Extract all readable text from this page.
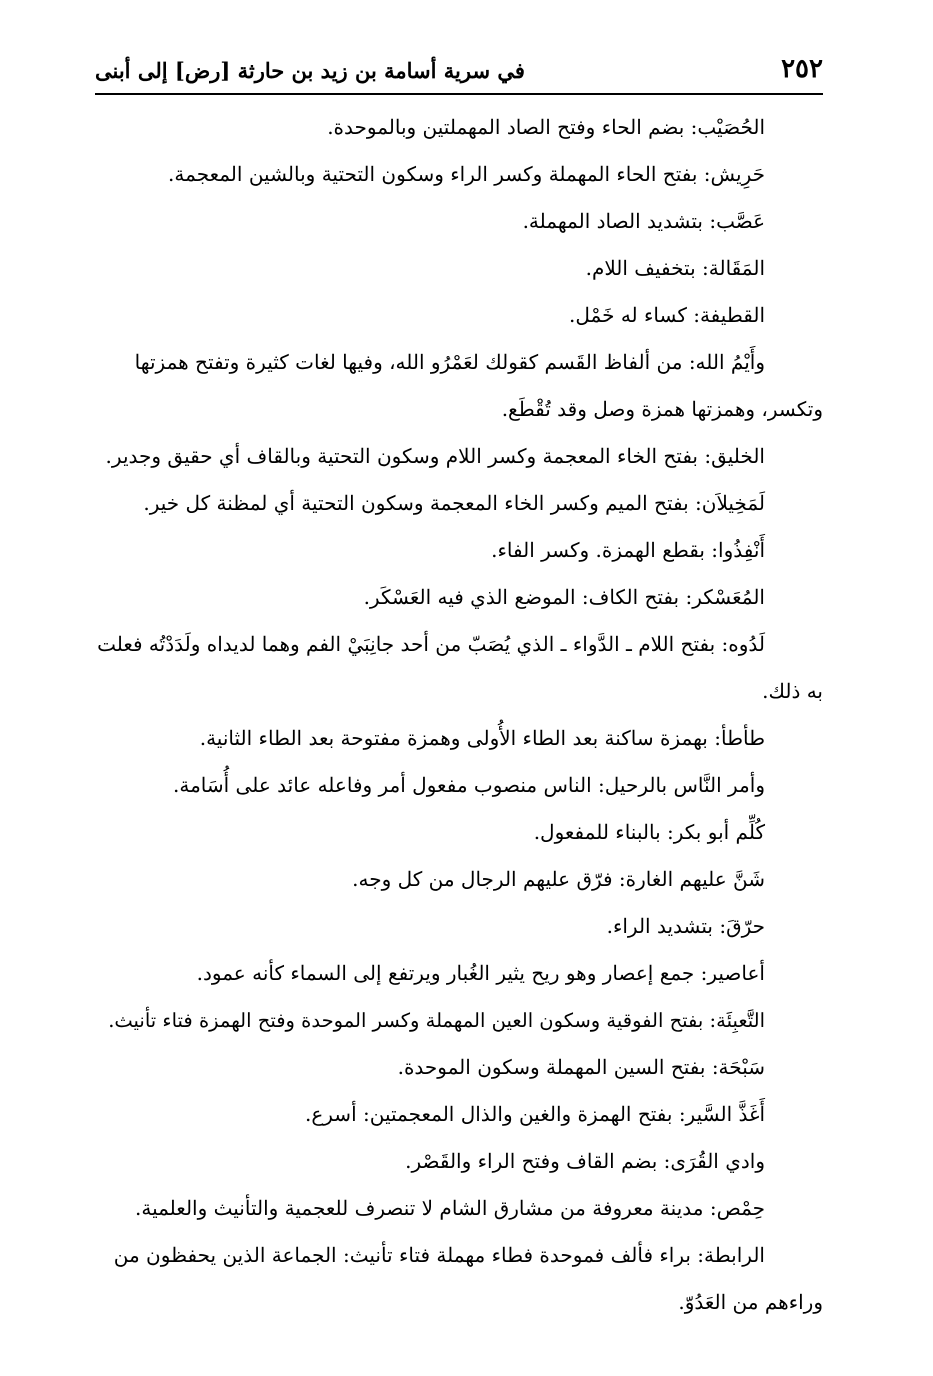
٢٥٢
في سرية أسامة بن زيد بن حارثة [رض] إلى أبنى
الحُصَيْب: بضم الحاء وفتح الصاد المهملتين وبالموحدة.
حَرِيش: بفتح الحاء المهملة وكسر الراء وسكون التحتية وبالشين المعجمة.
عَصَّب: بتشديد الصاد المهملة.
المَقَالة: بتخفيف اللام.
القطيفة: كساء له خَمْل.
وأَيْمُ الله: من ألفاظ القَسم كقولك لعَمْرُو الله، وفيها لغات كثيرة وتفتح همزتها
وتكسر، وهمزتها همزة وصل وقد تُقْطَع.
الخليق: بفتح الخاء المعجمة وكسر اللام وسكون التحتية وبالقاف أي حقيق وجدير.
لَمَخِيلاَن: بفتح الميم وكسر الخاء المعجمة وسكون التحتية أي لمظنة كل خير.
أَنْفِذُوا: بقطع الهمزة. وكسر الفاء.
المُعَسْكر: بفتح الكاف: الموضع الذي فيه العَسْكَر.
لَدُوه: بفتح اللام ـ الدَّواء ـ الذي يُصَبّ من أحد جانِبَيْ الفم وهما لديداه ولَدَدْتُه فعلت
به ذلك.
طأطأ: بهمزة ساكنة بعد الطاء الأُولى وهمزة مفتوحة بعد الطاء الثانية.
وأمر النَّاس بالرحيل: الناس منصوب مفعول أمر وفاعله عائد على أُسَامة.
كُلِّم أبو بكر: بالبناء للمفعول.
شَنَّ عليهم الغارة: فرّق عليهم الرجال من كل وجه.
حرّقَ: بتشديد الراء.
أعاصير: جمع إعصار وهو ريح يثير الغُبار ويرتفع إلى السماء كأنه عمود.
التَّعبِئَة: بفتح الفوقية وسكون العين المهملة وكسر الموحدة وفتح الهمزة فتاء تأنيث.
سَبْحَة: بفتح السين المهملة وسكون الموحدة.
أَغَذَّ السَّير: بفتح الهمزة والغين والذال المعجمتين: أسرع.
وادي القُرَى: بضم القاف وفتح الراء والقَصْر.
حِمْص: مدينة معروفة من مشارق الشام لا تنصرف للعجمية والتأنيث والعلمية.
الرابطة: براء فألف فموحدة فطاء مهملة فتاء تأنيث: الجماعة الذين يحفظون من
وراءهم من العَدُوّ.
